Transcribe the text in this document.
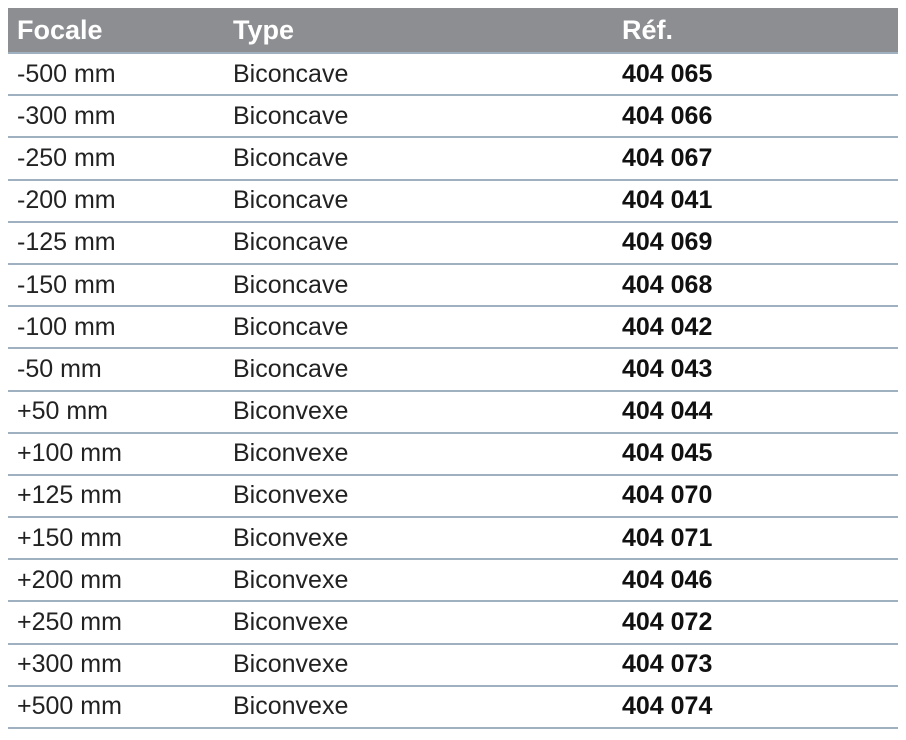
Focale	Type	Réf.
-500 mm	Biconcave	404 065
-300 mm	Biconcave	404 066
-250 mm	Biconcave	404 067
-200 mm	Biconcave	404 041
-125 mm	Biconcave	404 069
-150 mm	Biconcave	404 068
-100 mm	Biconcave	404 042
-50 mm	Biconcave	404 043
+50 mm	Biconvexe	404 044
+100 mm	Biconvexe	404 045
+125 mm	Biconvexe	404 070
+150 mm	Biconvexe	404 071
+200 mm	Biconvexe	404 046
+250 mm	Biconvexe	404 072
+300 mm	Biconvexe	404 073
+500 mm	Biconvexe	404 074
